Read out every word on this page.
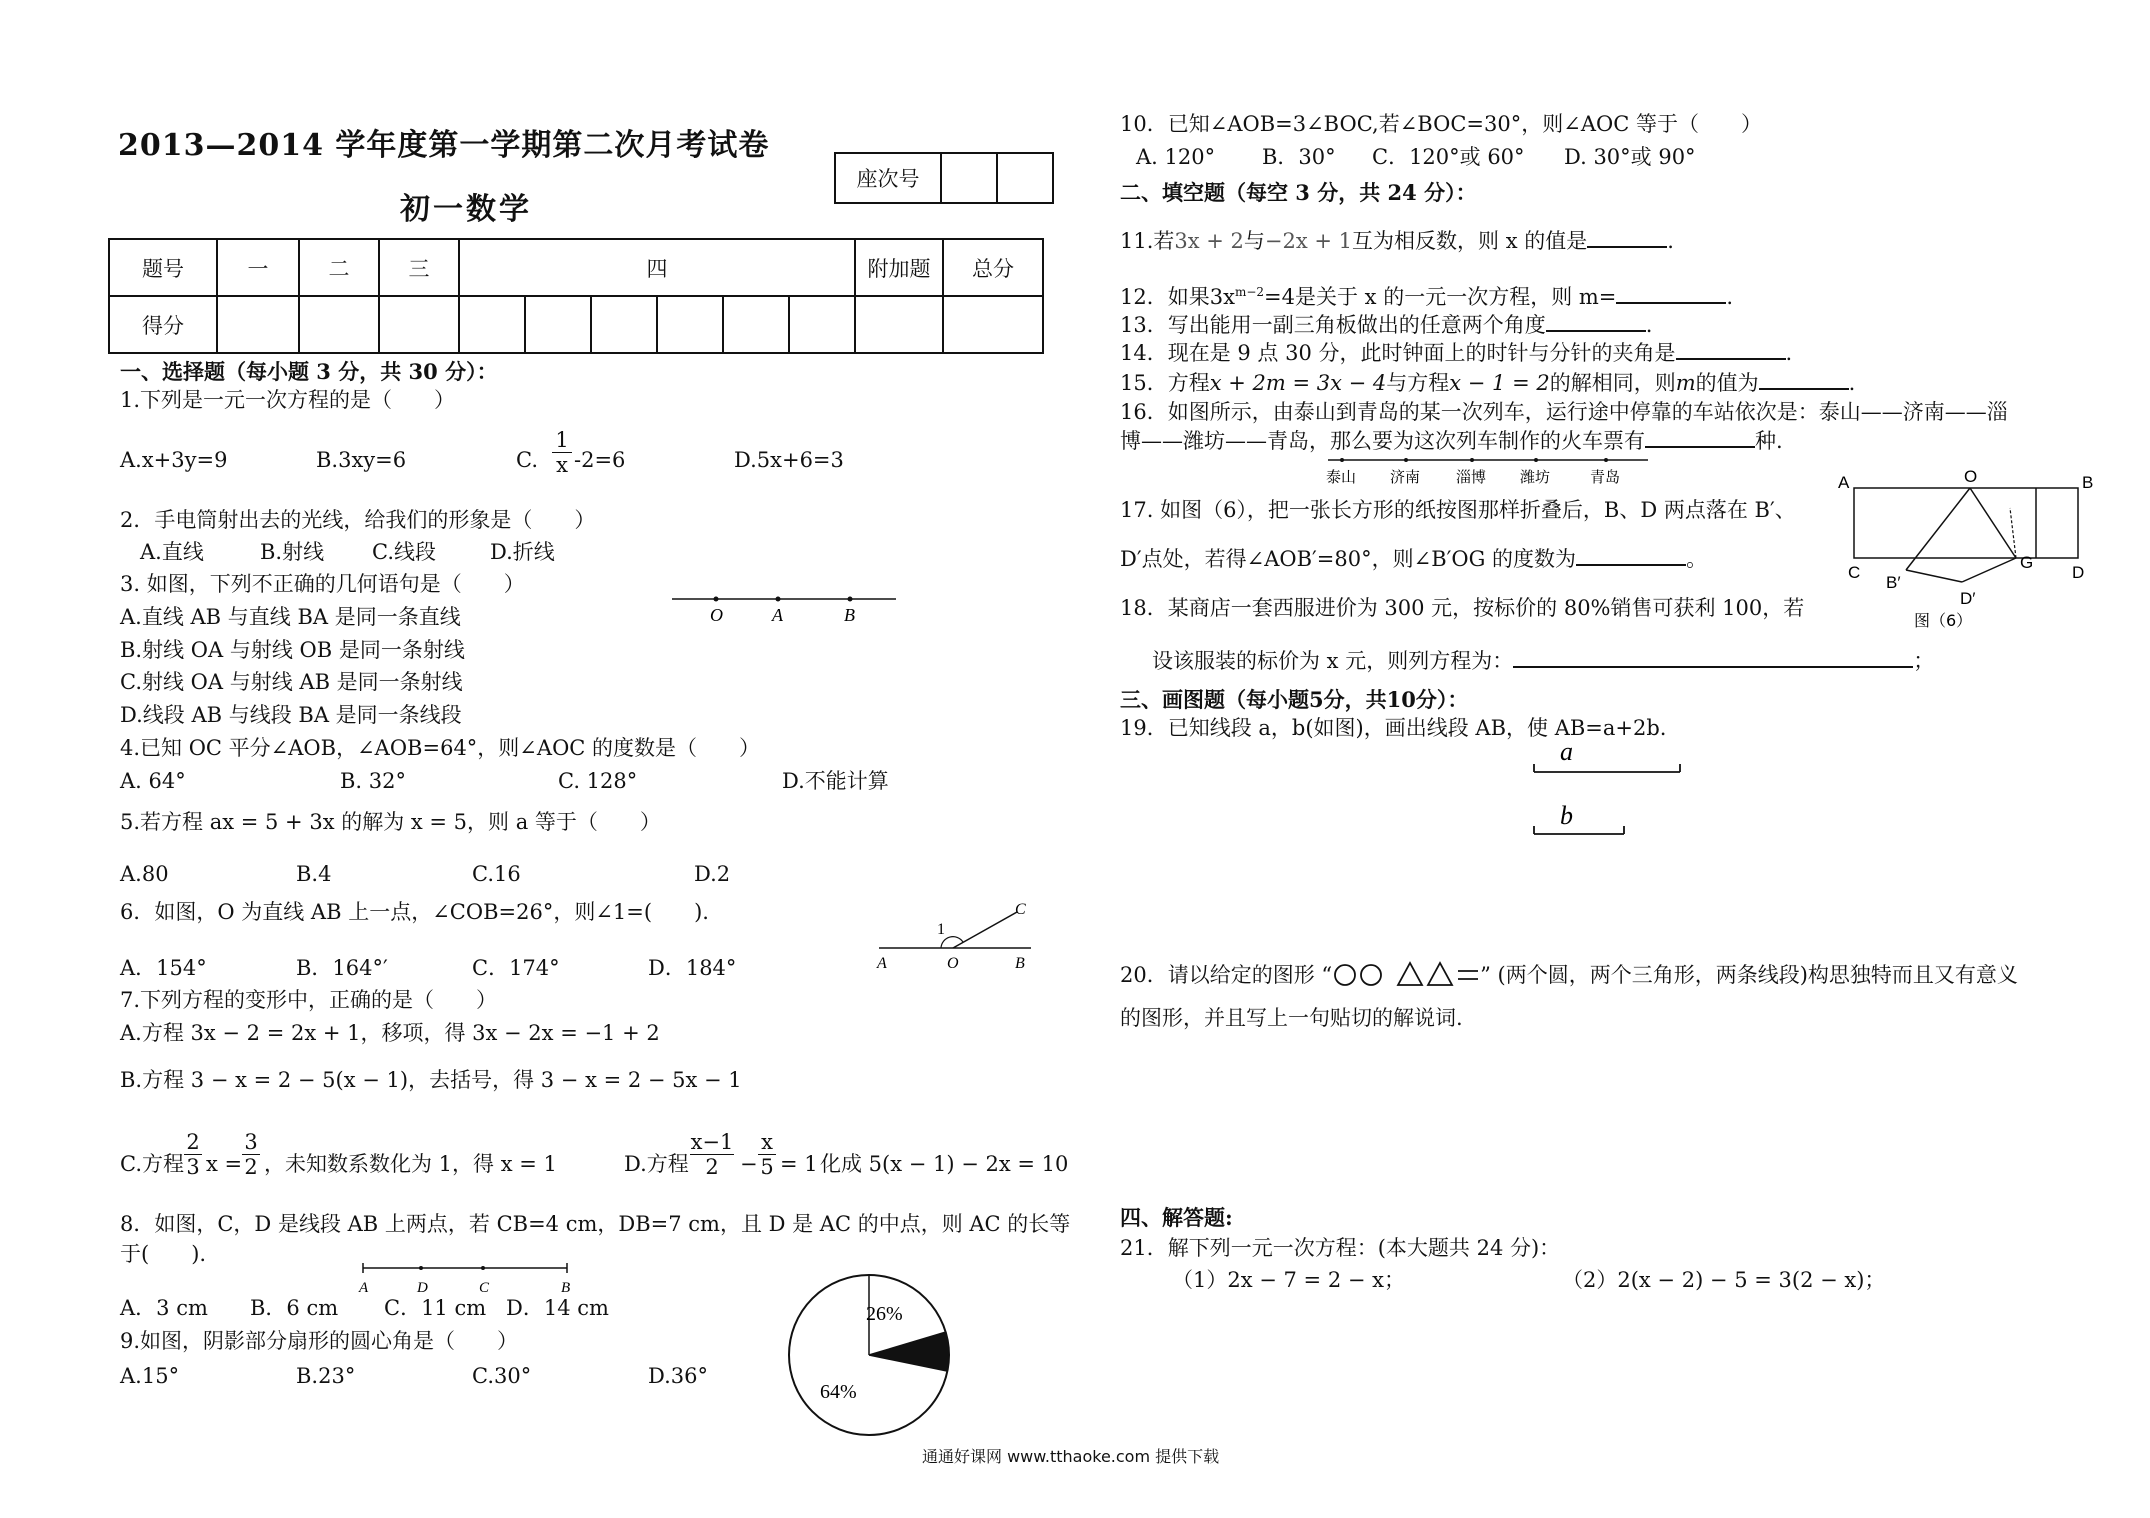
2013—2014 学年度第一学期第二次月考试卷
初一数学
座次号		
题号	一	二	三	四						附加题	总分
得分											
一、选择题（每小题 3 分，共 30 分）：
1.下列是一元一次方程的是（　　）
A.x+3y=9	B.3xy=6	C. $\frac{1}{x} -2=6$	D.5x+6=3
2．手电筒射出去的光线，给我们的形象是（　　）
A.直线	B.射线 C.线段	D.折线
3. 如图，下列不正确的几何语句是（　　）
A.直线 AB 与直线 BA 是同一条直线
B.射线 OA 与射线 OB 是同一条射线
C.射线 OA 与射线 AB 是同一条射线
D.线段 AB 与线段 BA 是同一条线段
O	A	B
4.已知 OC 平分∠AOB，∠AOB=64°，则∠AOC 的度数是（　　）
A. 64°	B. 32°	C. 128°	D.不能计算
5.若方程 ax = 5 + 3x 的解为 x = 5，则 a 等于（　　）
A.80	B.4	C.16	D.2
6．如图，O 为直线 AB 上一点，∠COB=26°，则∠1=(　　).
A．154°	B．164°′	C．174°	D．184°
1
C
A	O	B
7.下列方程的变形中，正确的是（　　）
A.方程 3x − 2 = 2x + 1，移项，得 3x − 2x = −1 + 2
B.方程 3 − x = 2 − 5(x − 1)，去括号，得 3 − x = 2 − 5x − 1
C.方程 $\frac{2}{3}$ $x = \frac{3}{2}$ ，未知数系数化为 1，得 x = 1	D.方程 $\frac{x-1}{2} - \frac{x}{5} = 1$ 化成 5(x − 1) − 2x = 10
8．如图，C，D 是线段 AB 上两点，若 CB=4 cm，DB=7 cm，且 D 是 AC 的中点，则 AC 的长等
于(　　).
A	D	C	B
A．3 cm B．6 cm C．11 cm D．14 cm
9.如图，阴影部分扇形的圆心角是（　　）
A.15°	B.23°	C.30°	D.36°
26%
64%
10．已知∠AOB=3∠BOC,若∠BOC=30°，则∠AOC 等于（　　）
A. 120° B．30° C．120°或 60° D. 30°或 90°
二、填空题（每空 3 分，共 24 分）：
11.若3x + 2与−2x + 1互为相反数，则 x 的值是	.
12．如果$3x^{m-2}=4$是关于 x 的一元一次方程，则 m=	.
13．写出能用一副三角板做出的任意两个角度	.
14．现在是 9 点 30 分，此时钟面上的时针与分针的夹角是	.
15．方程x + 2m = 3x − 4与方程x − 1 = 2的解相同，则m的值为	.
16．如图所示，由泰山到青岛的某一次列车，运行途中停靠的车站依次是：泰山——济南——淄
博——潍坊——青岛，那么要为这次列车制作的火车票有	种.
泰山 济南 淄博 潍坊	青岛
17. 如图（6），把一张长方形的纸按图那样折叠后，B、D 两点落在 B′、
D′点处，若得∠AOB′=80°，则∠B′OG 的度数为	。
A	O	B
C
G
D
B′
D′
图（6）
18．某商店一套西服进价为 300 元，按标价的 80%销售可获利 100，若
设该服装的标价为 x 元，则列方程为：	；
三、画图题（每小题5分，共10分）：
19．已知线段 a，b(如图)，画出线段 AB，使 AB=a+2b.
a
b
20．请以给定的图形 “	” (两个圆，两个三角形，两条线段)构思独特而且又有意义
的图形，并且写上一句贴切的解说词.
四、解答题:
21．解下列一元一次方程：(本大题共 24 分)：
（1）2x − 7 = 2 − x；	（2）2(x − 2) − 5 = 3(2 − x)；
通通好课网 www.tthaoke.com 提供下载
